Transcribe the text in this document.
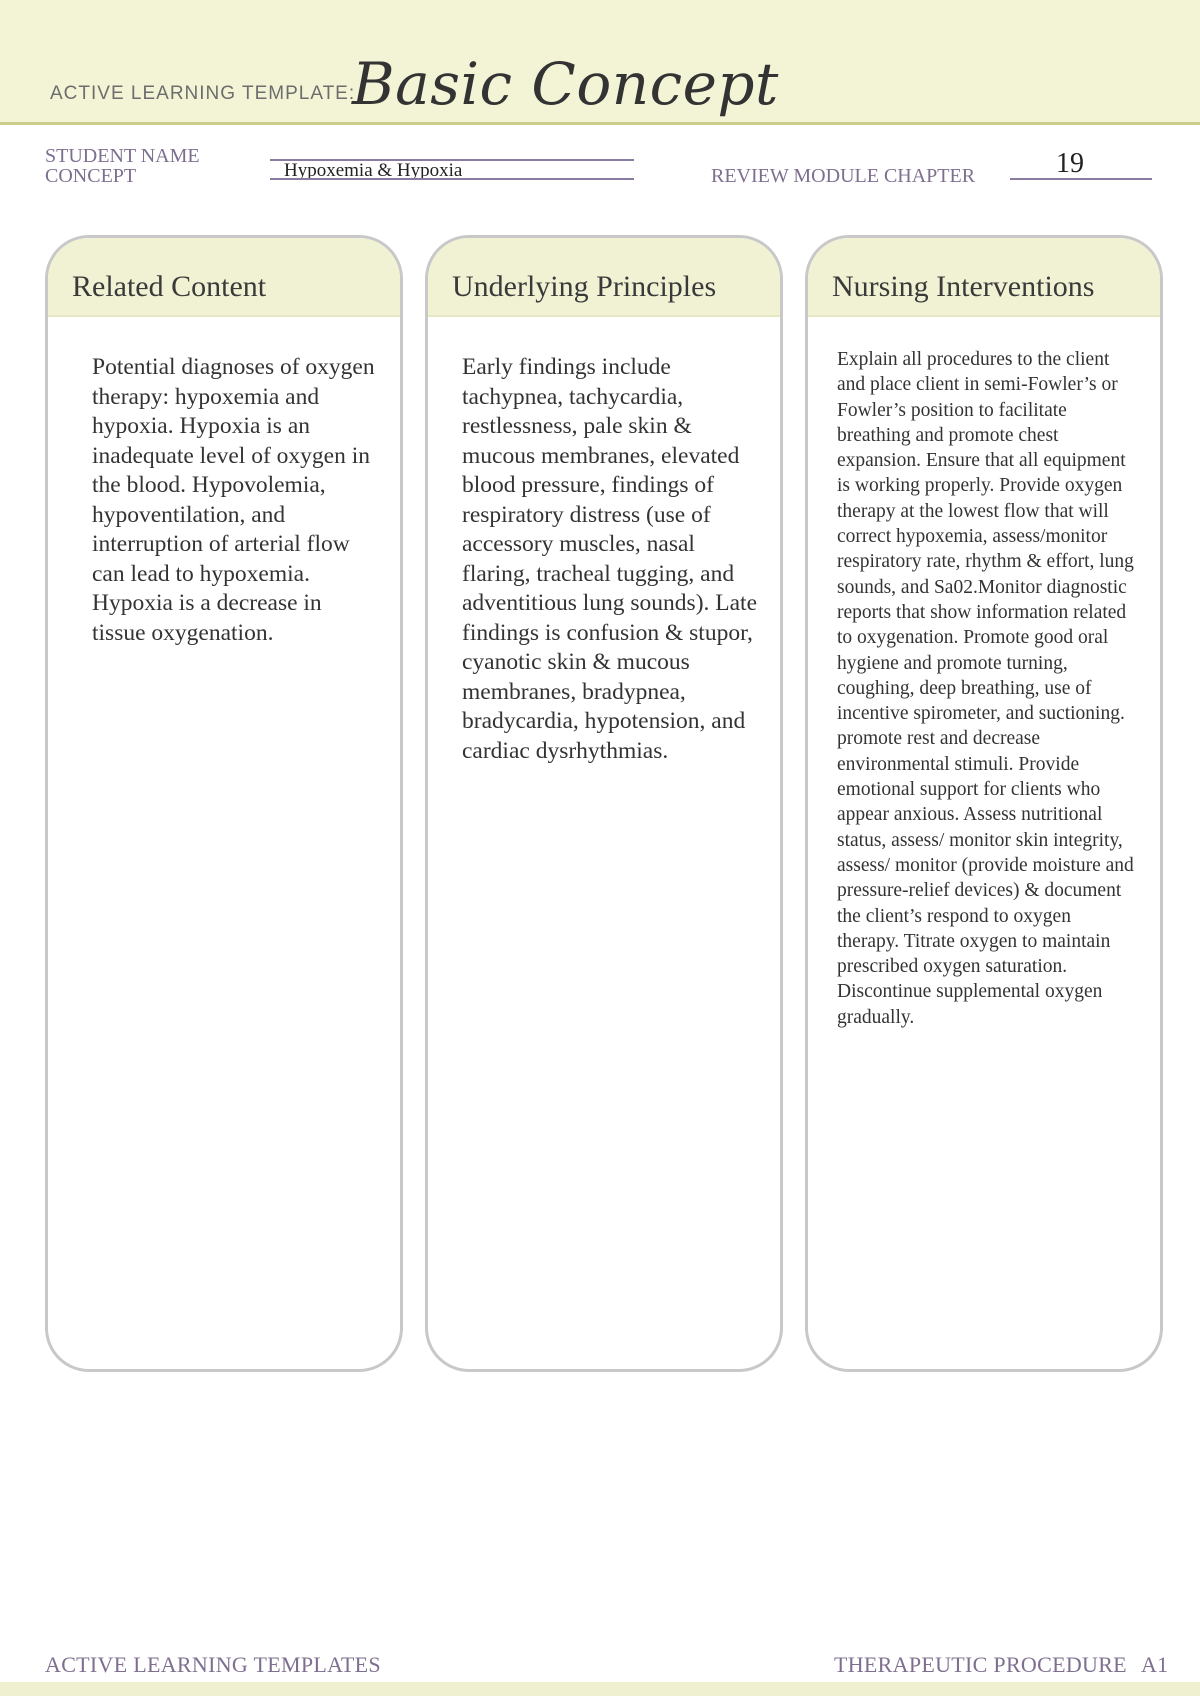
ACTIVE LEARNING TEMPLATE:
Basic Concept
STUDENT NAME
CONCEPT	Hypoxemia & Hypoxia	REVIEW MODULE CHAPTER	19
Related Content
Potential diagnoses of oxygen therapy: hypoxemia and hypoxia. Hypoxia is an inadequate level of oxygen in the blood. Hypovolemia, hypoventilation, and interruption of arterial flow can lead to hypoxemia. Hypoxia is a decrease in tissue oxygenation.
Underlying Principles
Early findings include tachypnea, tachycardia, restlessness, pale skin & mucous membranes, elevated blood pressure, findings of respiratory distress (use of accessory muscles, nasal flaring, tracheal tugging, and adventitious lung sounds). Late findings is confusion & stupor, cyanotic skin & mucous membranes, bradypnea, bradycardia, hypotension, and cardiac dysrhythmias.
Nursing Interventions
Explain all procedures to the client and place client in semi-Fowler’s or Fowler’s position to facilitate breathing and promote chest expansion. Ensure that all equipment is working properly. Provide oxygen therapy at the lowest flow that will correct hypoxemia, assess/monitor respiratory rate, rhythm & effort, lung sounds, and Sa02.Monitor diagnostic reports that show information related to oxygenation. Promote good oral hygiene and promote turning, coughing, deep breathing, use of incentive spirometer, and suctioning. promote rest and decrease environmental stimuli. Provide emotional support for clients who appear anxious. Assess nutritional status, assess/ monitor skin integrity, assess/ monitor (provide moisture and pressure-relief devices) & document the client’s respond to oxygen therapy. Titrate oxygen to maintain prescribed oxygen saturation. Discontinue supplemental oxygen gradually.
ACTIVE LEARNING TEMPLATES	THERAPEUTIC PROCEDURE A1
